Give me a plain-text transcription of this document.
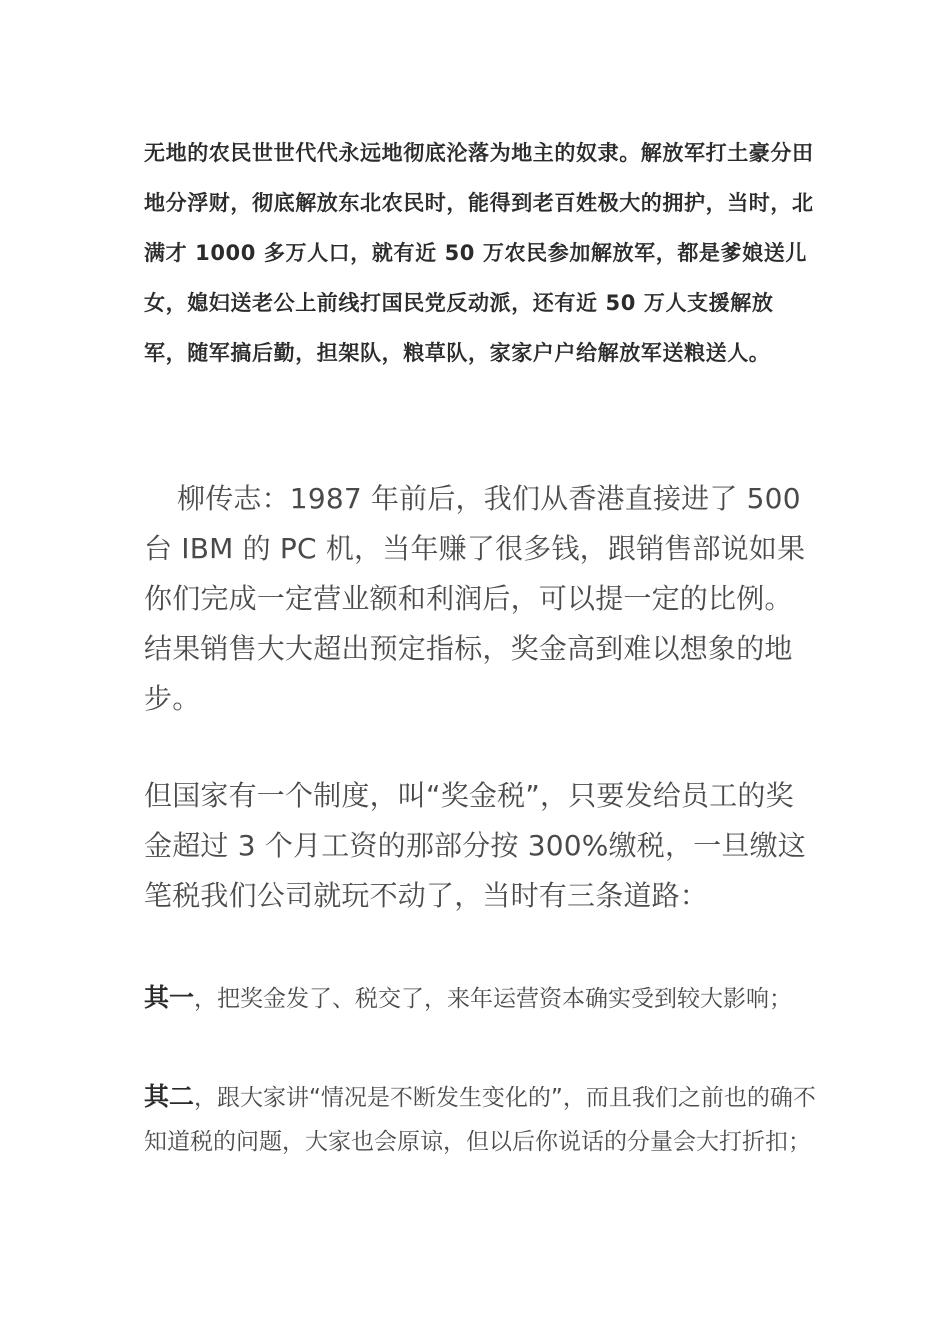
无地的农民世世代代永远地彻底沦落为地主的奴隶。解放军打土豪分田地分浮财，彻底解放东北农民时，能得到老百姓极大的拥护，当时，北满才 1000 多万人口，就有近 50 万农民参加解放军，都是爹娘送儿女，媳妇送老公上前线打国民党反动派，还有近 50 万人支援解放军，随军搞后勤，担架队，粮草队，家家户户给解放军送粮送人。
柳传志：1987 年前后，我们从香港直接进了 500 台 IBM 的 PC 机，当年赚了很多钱，跟销售部说如果你们完成一定营业额和利润后，可以提一定的比例。结果销售大大超出预定指标，奖金高到难以想象的地步。
但国家有一个制度，叫“奖金税”，只要发给员工的奖金超过 3 个月工资的那部分按 300%缴税，一旦缴这笔税我们公司就玩不动了，当时有三条道路：
其一，把奖金发了、税交了，来年运营资本确实受到较大影响；
其二，跟大家讲“情况是不断发生变化的”，而且我们之前也的确不知道税的问题，大家也会原谅，但以后你说话的分量会大打折扣；
